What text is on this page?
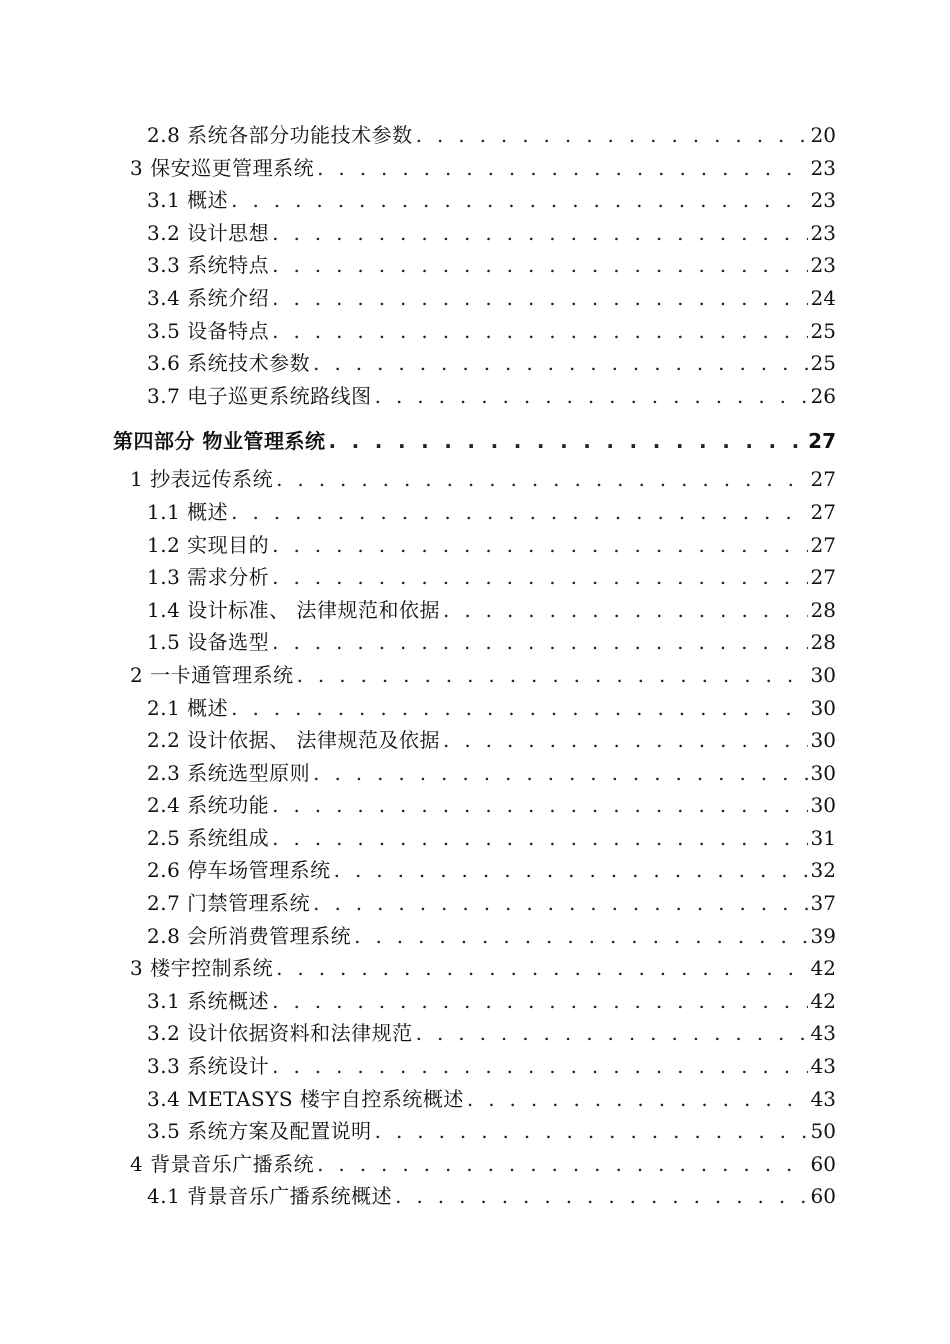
2.8 系统各部分功能技术参数 . . .	20
3 保安巡更管理系统 . . .	23
3.1 概述 . . .	23
3.2 设计思想 . . .	23
3.3 系统特点 . . .	23
3.4 系统介绍 . . .	24
3.5 设备特点 . . .	25
3.6 系统技术参数 . . .	25
3.7 电子巡更系统路线图 . . .	26
第四部分 物业管理系统 . . .	27
1 抄表远传系统 . . .	27
1.1 概述 . . .	27
1.2 实现目的 . . .	27
1.3 需求分析 . . .	27
1.4 设计标准、 法律规范和依据 . . .	28
1.5 设备选型 . . .	28
2 一卡通管理系统 . . .	30
2.1 概述 . . .	30
2.2 设计依据、 法律规范及依据 . . .	30
2.3 系统选型原则 . . .	30
2.4 系统功能 . . .	30
2.5 系统组成 . . .	31
2.6 停车场管理系统 . . .	32
2.7 门禁管理系统 . . .	37
2.8 会所消费管理系统 . . .	39
3 楼宇控制系统 . . .	42
3.1 系统概述 . . .	42
3.2 设计依据资料和法律规范 . . .	43
3.3 系统设计 . . .	43
3.4 METASYS 楼宇自控系统概述 . . .	43
3.5 系统方案及配置说明 . . .	50
4 背景音乐广播系统 . . .	60
4.1 背景音乐广播系统概述 . . .	60
